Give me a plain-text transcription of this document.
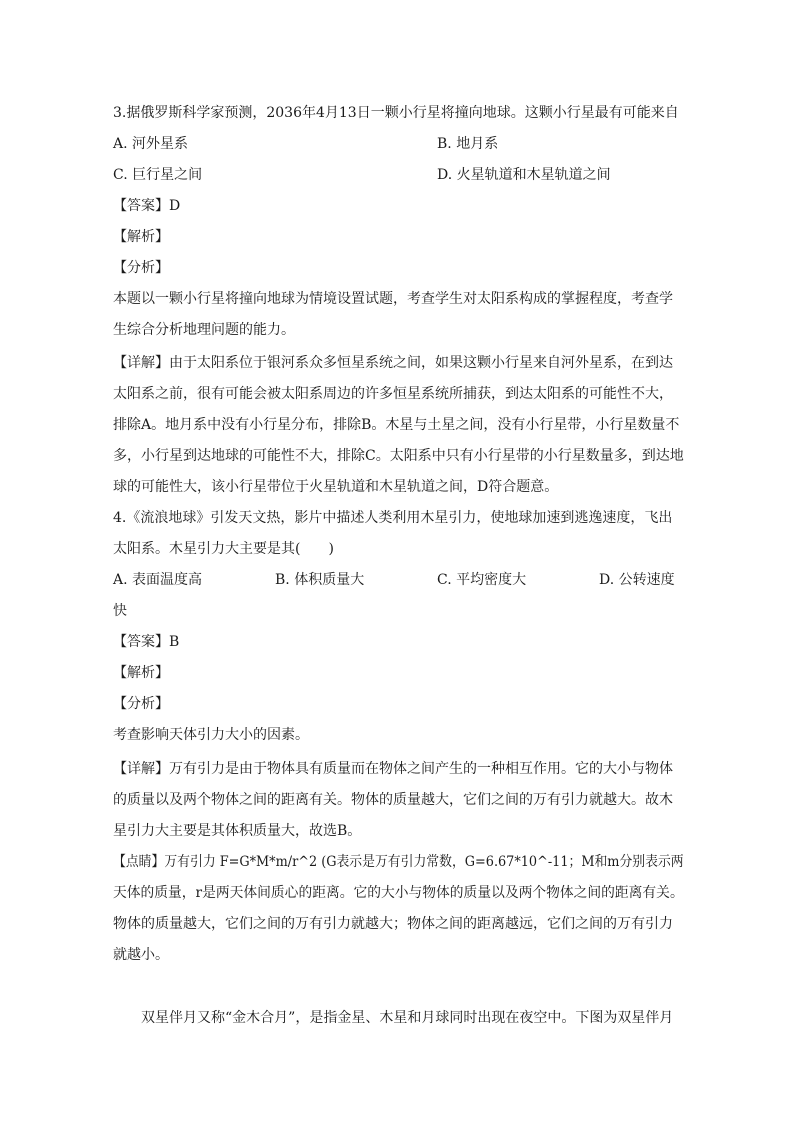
3.据俄罗斯科学家预测，2036年4月13日一颗小行星将撞向地球。这颗小行星最有可能来自
A. 河外星系	B. 地月系
C. 巨行星之间	D. 火星轨道和木星轨道之间
【答案】D
【解析】
【分析】
本题以一颗小行星将撞向地球为情境设置试题，考查学生对太阳系构成的掌握程度，考查学
生综合分析地理问题的能力。
【详解】由于太阳系位于银河系众多恒星系统之间，如果这颗小行星来自河外星系，在到达
太阳系之前，很有可能会被太阳系周边的许多恒星系统所捕获，到达太阳系的可能性不大，
排除A。地月系中没有小行星分布，排除B。木星与土星之间，没有小行星带，小行星数量不
多，小行星到达地球的可能性不大，排除C。太阳系中只有小行星带的小行星数量多，到达地
球的可能性大，该小行星带位于火星轨道和木星轨道之间，D符合题意。
4.《流浪地球》引发天文热，影片中描述人类利用木星引力，使地球加速到逃逸速度，飞出
太阳系。木星引力大主要是其(　　)
A. 表面温度高	B. 体积质量大	C. 平均密度大	D. 公转速度
快
【答案】B
【解析】
【分析】
考查影响天体引力大小的因素。
【详解】万有引力是由于物体具有质量而在物体之间产生的一种相互作用。它的大小与物体
的质量以及两个物体之间的距离有关。物体的质量越大，它们之间的万有引力就越大。故木
星引力大主要是其体积质量大，故选B。
【点睛】万有引力 F=G*M*m/r^2 (G表示是万有引力常数，G=6.67*10^-11；M和m分别表示两
天体的质量，r是两天体间质心的距离。它的大小与物体的质量以及两个物体之间的距离有关。
物体的质量越大，它们之间的万有引力就越大；物体之间的距离越远，它们之间的万有引力
就越小。
双星伴月又称“金木合月”，是指金星、木星和月球同时出现在夜空中。下图为双星伴月
